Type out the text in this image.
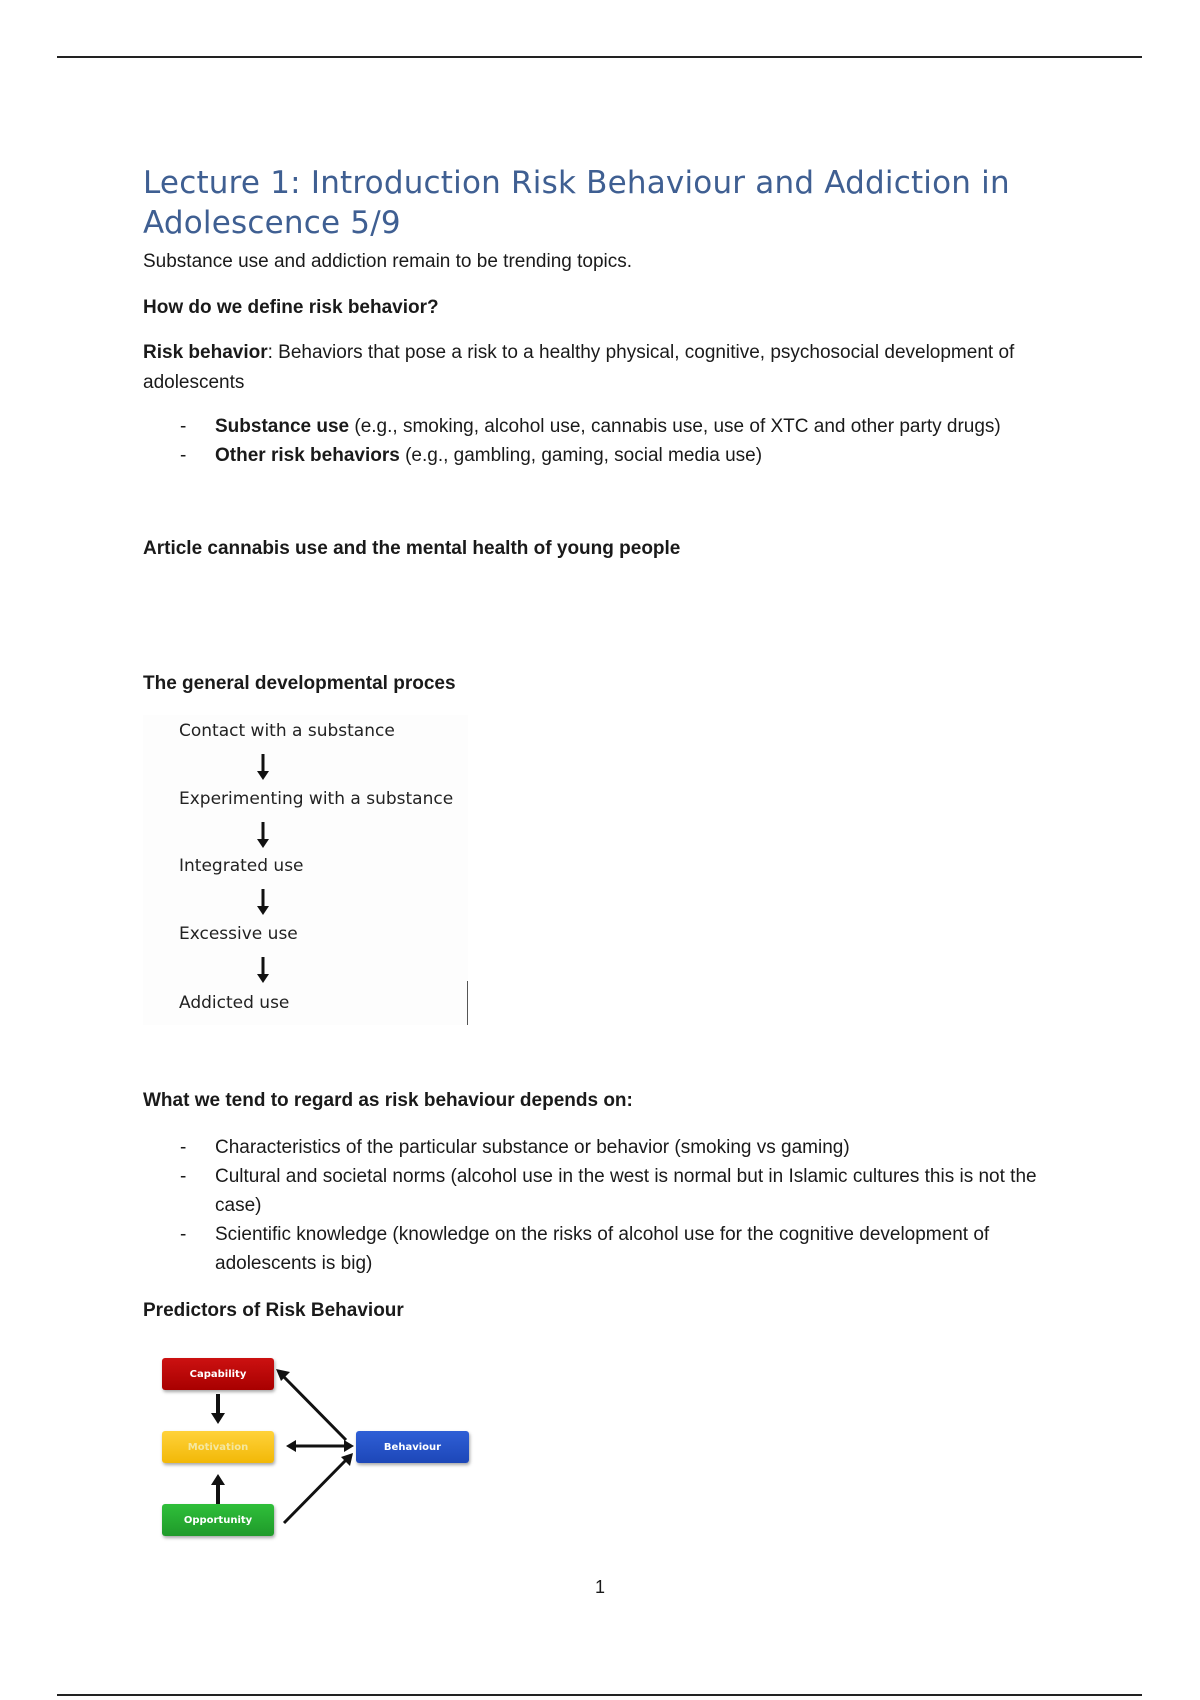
Lecture 1: Introduction Risk Behaviour and Addiction in Adolescence 5/9

Substance use and addiction remain to be trending topics.

How do we define risk behavior?

Risk behavior: Behaviors that pose a risk to a healthy physical, cognitive, psychosocial development of adolescents

- Substance use (e.g., smoking, alcohol use, cannabis use, use of XTC and other party drugs)
- Other risk behaviors (e.g., gambling, gaming, social media use)

Article cannabis use and the mental health of young people

The general developmental proces

What we tend to regard as risk behaviour depends on:

- Characteristics of the particular substance or behavior (smoking vs gaming)
- Cultural and societal norms (alcohol use in the west is normal but in Islamic cultures this is not the case)
- Scientific knowledge (knowledge on the risks of alcohol use for the cognitive development of adolescents is big)

Predictors of Risk Behaviour

Contact with a substance
Experimenting with a substance
Integrated use
Excessive use
Addicted use
Capability
Motivation
Opportunity
Behaviour
1
